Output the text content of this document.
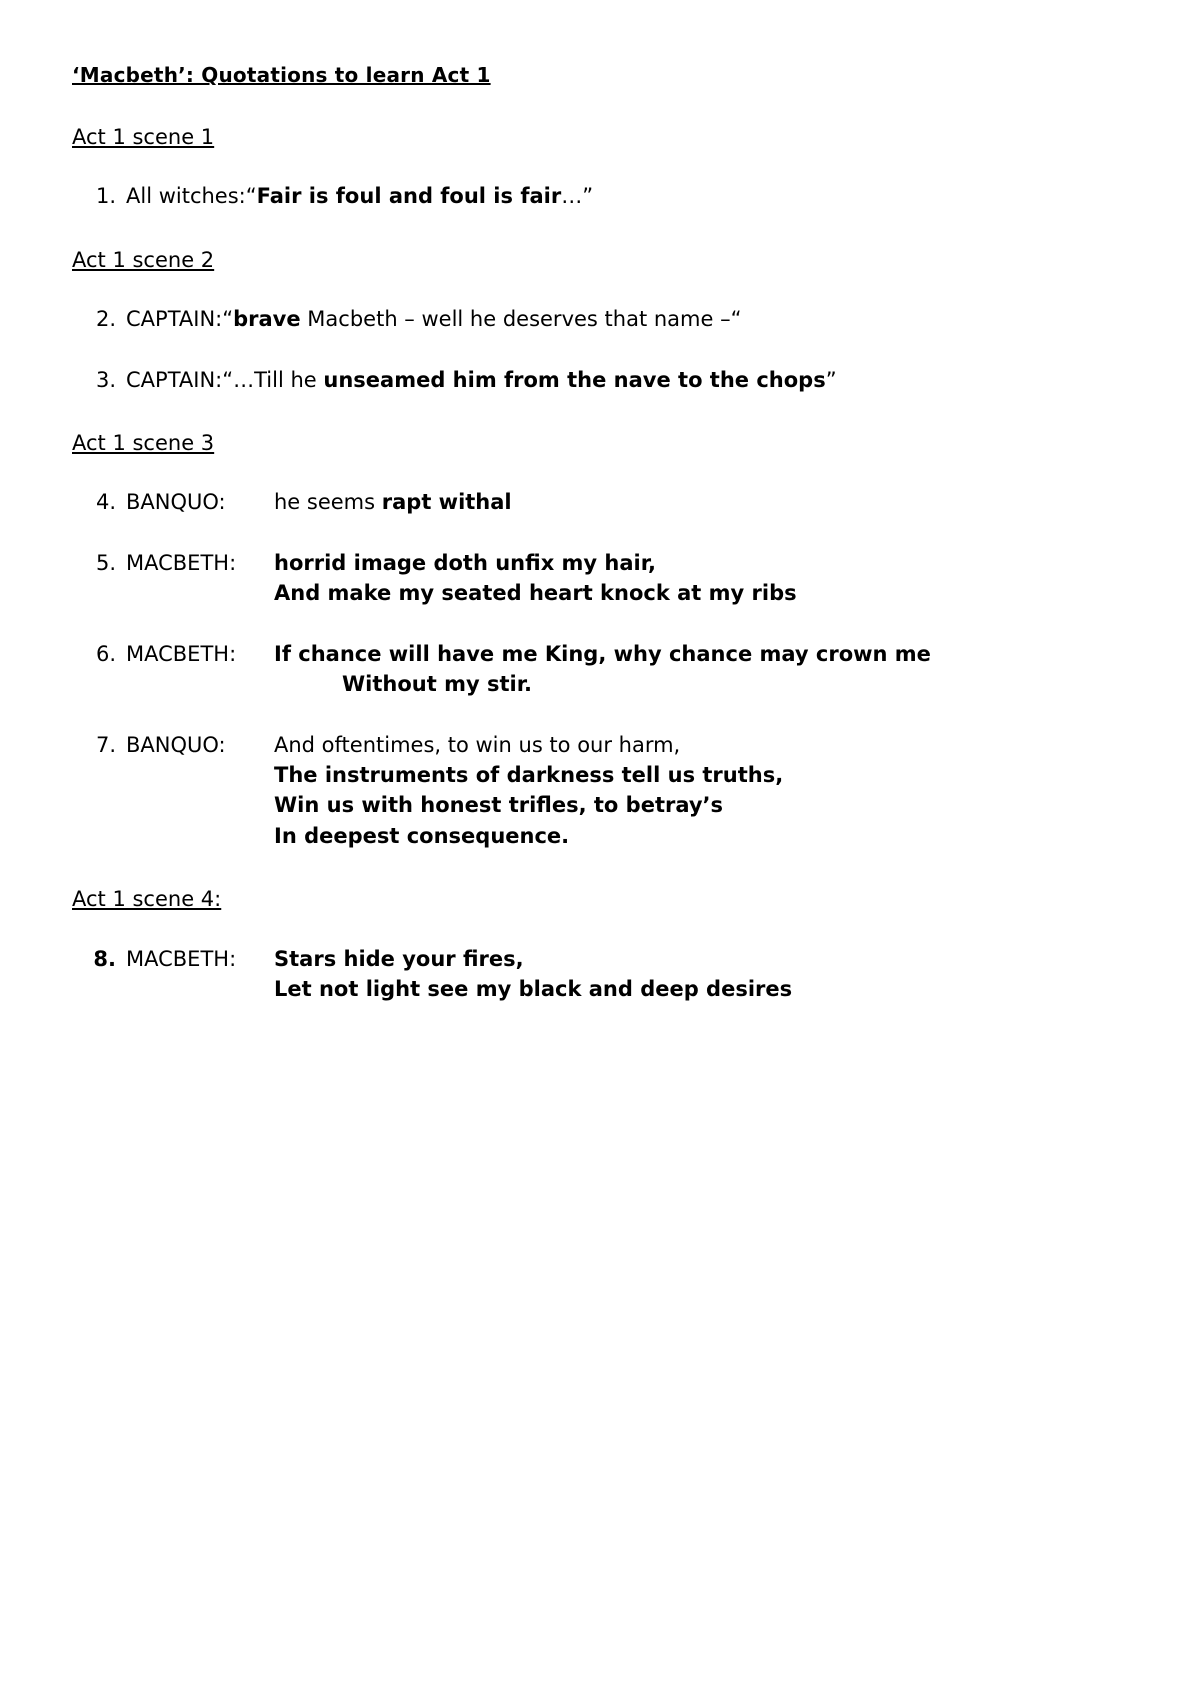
‘Macbeth’: Quotations to learn Act 1
Act 1 scene 1
1. All witches: “Fair is foul and foul is fair…”
Act 1 scene 2
2. CAPTAIN: “brave Macbeth – well he deserves that name –“
3. CAPTAIN: “…Till he unseamed him from the nave to the chops”
Act 1 scene 3
4. BANQUO: he seems rapt withal
5. MACBETH: horrid image doth unfix my hair,
And make my seated heart knock at my ribs
6. MACBETH: If chance will have me King, why chance may crown me
Without my stir.
7. BANQUO: And oftentimes, to win us to our harm,
The instruments of darkness tell us truths,
Win us with honest trifles, to betray’s
In deepest consequence.
Act 1 scene 4:
8. MACBETH: Stars hide your fires,
Let not light see my black and deep desires
